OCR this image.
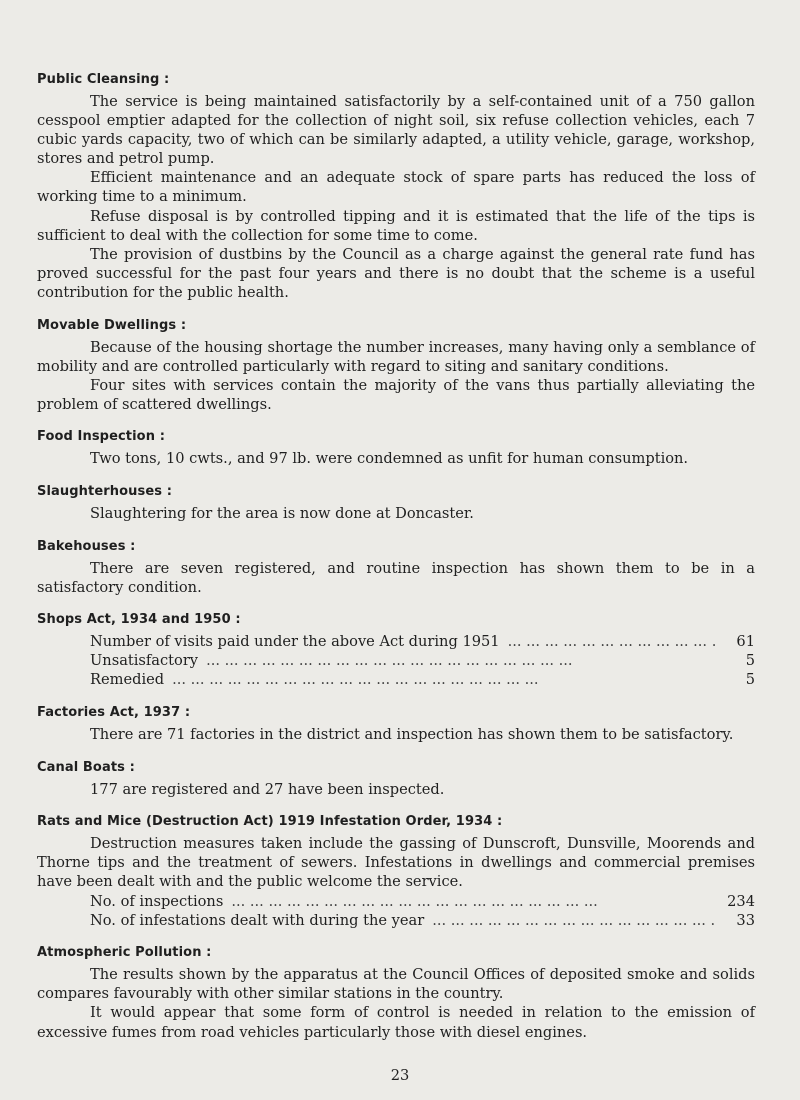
Public Cleansing :

The service is being maintained satisfactorily by a self-contained unit of a 750 gallon cesspool emptier adapted for the collection of night soil, six refuse collection vehicles, each 7 cubic yards capacity, two of which can be similarly adapted, a utility vehicle, garage, workshop, stores and petrol pump.

Efficient maintenance and an adequate stock of spare parts has reduced the loss of working time to a minimum.

Refuse disposal is by controlled tipping and it is estimated that the life of the tips is sufficient to deal with the collection for some time to come.

The provision of dustbins by the Council as a charge against the general rate fund has proved successful for the past four years and there is no doubt that the scheme is a useful contribution for the public health.

Movable Dwellings :

Because of the housing shortage the number increases, many having only a semblance of mobility and are controlled particularly with regard to siting and sanitary conditions.

Four sites with services contain the majority of the vans thus partially alleviating the problem of scattered dwellings.

Food Inspection :

Two tons, 10 cwts., and 97 lb. were condemned as unfit for human consumption.

Slaughterhouses :

Slaughtering for the area is now done at Doncaster.

Bakehouses :

There are seven registered, and routine inspection has shown them to be in a satisfactory condition.

Shops Act, 1934 and 1950 :
Number of visits paid under the above Act during 1951 ... .	61
Unsatisfactory ... .	5
Remedied ... .	5
Factories Act, 1937 :

There are 71 factories in the district and inspection has shown them to be satisfactory.

Canal Boats :

177 are registered and 27 have been inspected.

Rats and Mice (Destruction Act) 1919 Infestation Order, 1934 :

Destruction measures taken include the gassing of Dunscroft, Dunsville, Moorends and Thorne tips and the treatment of sewers. Infestations in dwellings and commercial premises have been dealt with and the public welcome the service.

No. of inspections ... .	234
No. of infestations dealt with during the year ... .	33
Atmospheric Pollution :

The results shown by the apparatus at the Council Offices of deposited smoke and solids compares favourably with other similar stations in the country.

It would appear that some form of control is needed in relation to the emission of excessive fumes from road vehicles particularly those with diesel engines.

23
